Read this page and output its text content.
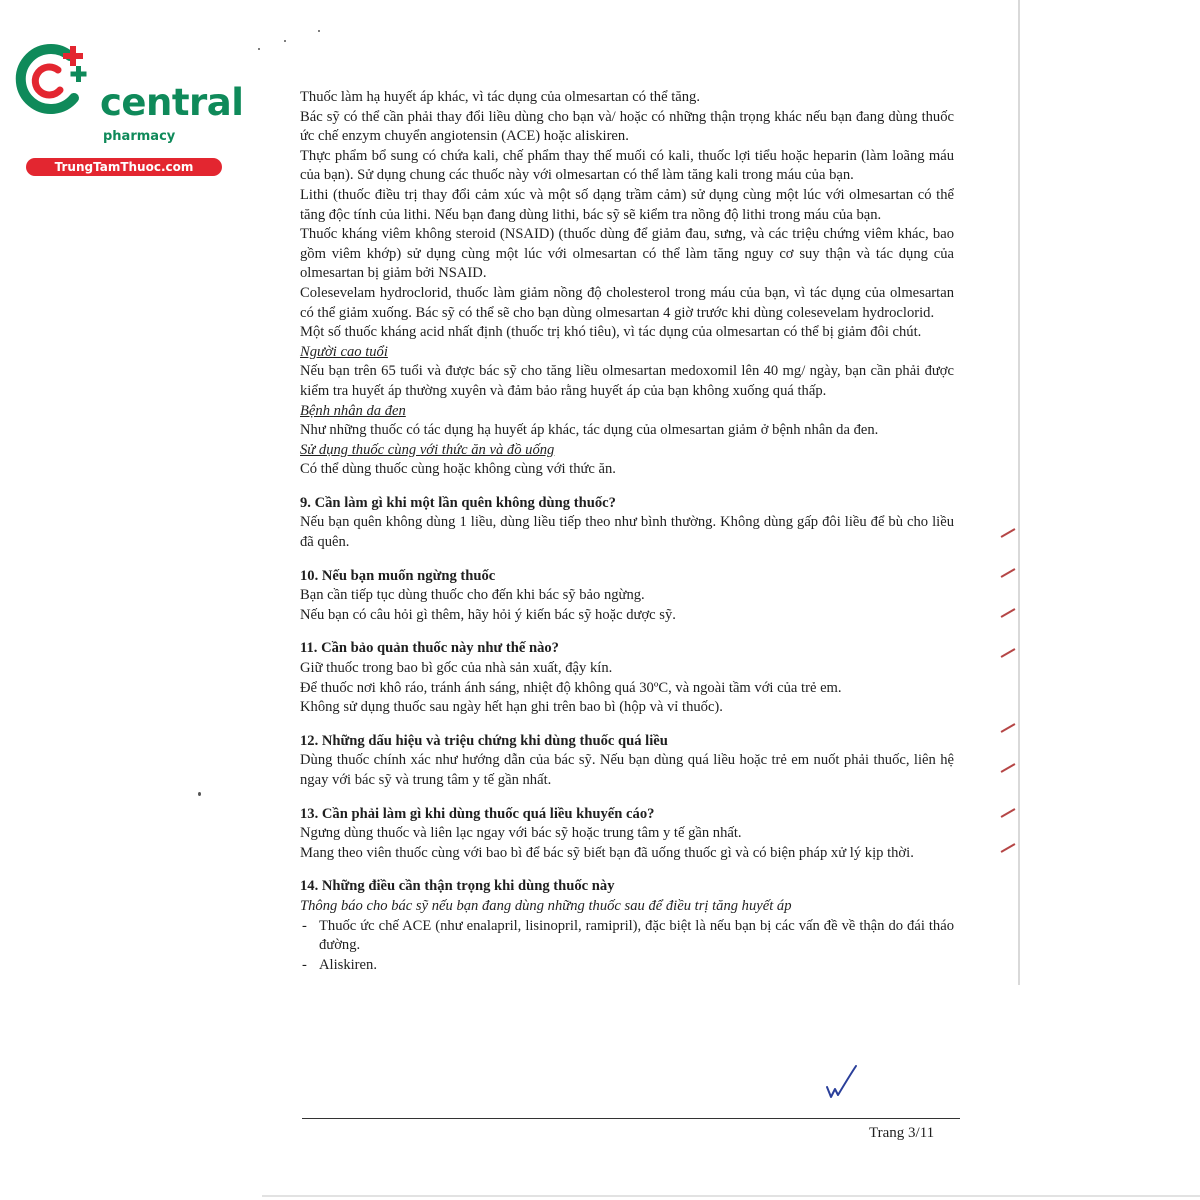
central
pharmacy
TrungTamThuoc.com

Thuốc làm hạ huyết áp khác, vì tác dụng của olmesartan có thể tăng.

Bác sỹ có thể cần phải thay đổi liều dùng cho bạn và/ hoặc có những thận trọng khác nếu bạn đang dùng thuốc ức chế enzym chuyển angiotensin (ACE) hoặc aliskiren.

Thực phẩm bổ sung có chứa kali, chế phẩm thay thế muối có kali, thuốc lợi tiểu hoặc heparin (làm loãng máu của bạn). Sử dụng chung các thuốc này với olmesartan có thể làm tăng kali trong máu của bạn.

Lithi (thuốc điều trị thay đổi cảm xúc và một số dạng trầm cảm) sử dụng cùng một lúc với olmesartan có thể tăng độc tính của lithi. Nếu bạn đang dùng lithi, bác sỹ sẽ kiểm tra nồng độ lithi trong máu của bạn.

Thuốc kháng viêm không steroid (NSAID) (thuốc dùng để giảm đau, sưng, và các triệu chứng viêm khác, bao gồm viêm khớp) sử dụng cùng một lúc với olmesartan có thể làm tăng nguy cơ suy thận và tác dụng của olmesartan bị giảm bởi NSAID.

Colesevelam hydroclorid, thuốc làm giảm nồng độ cholesterol trong máu của bạn, vì tác dụng của olmesartan có thể giảm xuống. Bác sỹ có thể sẽ cho bạn dùng olmesartan 4 giờ trước khi dùng colesevelam hydroclorid.

Một số thuốc kháng acid nhất định (thuốc trị khó tiêu), vì tác dụng của olmesartan có thể bị giảm đôi chút.

Người cao tuổi

Nếu bạn trên 65 tuổi và được bác sỹ cho tăng liều olmesartan medoxomil lên 40 mg/ ngày, bạn cần phải được kiểm tra huyết áp thường xuyên và đảm bảo rằng huyết áp của bạn không xuống quá thấp.

Bệnh nhân da đen

Như những thuốc có tác dụng hạ huyết áp khác, tác dụng của olmesartan giảm ở bệnh nhân da đen.

Sử dụng thuốc cùng với thức ăn và đồ uống

Có thể dùng thuốc cùng hoặc không cùng với thức ăn.

9. Cần làm gì khi một lần quên không dùng thuốc?

Nếu bạn quên không dùng 1 liều, dùng liều tiếp theo như bình thường. Không dùng gấp đôi liều để bù cho liều đã quên.

10. Nếu bạn muốn ngừng thuốc

Bạn cần tiếp tục dùng thuốc cho đến khi bác sỹ bảo ngừng.

Nếu bạn có câu hỏi gì thêm, hãy hỏi ý kiến bác sỹ hoặc dược sỹ.

11. Cần bảo quản thuốc này như thế nào?

Giữ thuốc trong bao bì gốc của nhà sản xuất, đậy kín.

Để thuốc nơi khô ráo, tránh ánh sáng, nhiệt độ không quá 30ºC, và ngoài tầm với của trẻ em.

Không sử dụng thuốc sau ngày hết hạn ghi trên bao bì (hộp và vỉ thuốc).

12. Những dấu hiệu và triệu chứng khi dùng thuốc quá liều

Dùng thuốc chính xác như hướng dẫn của bác sỹ. Nếu bạn dùng quá liều hoặc trẻ em nuốt phải thuốc, liên hệ ngay với bác sỹ và trung tâm y tế gần nhất.

13. Cần phải làm gì khi dùng thuốc quá liều khuyến cáo?

Ngưng dùng thuốc và liên lạc ngay với bác sỹ hoặc trung tâm y tế gần nhất.

Mang theo viên thuốc cùng với bao bì để bác sỹ biết bạn đã uống thuốc gì và có biện pháp xử lý kịp thời.

14. Những điều cần thận trọng khi dùng thuốc này

Thông báo cho bác sỹ nếu bạn đang dùng những thuốc sau để điều trị tăng huyết áp

- Thuốc ức chế ACE (như enalapril, lisinopril, ramipril), đặc biệt là nếu bạn bị các vấn đề về thận do đái tháo đường.
- Aliskiren.
Trang 3/11
